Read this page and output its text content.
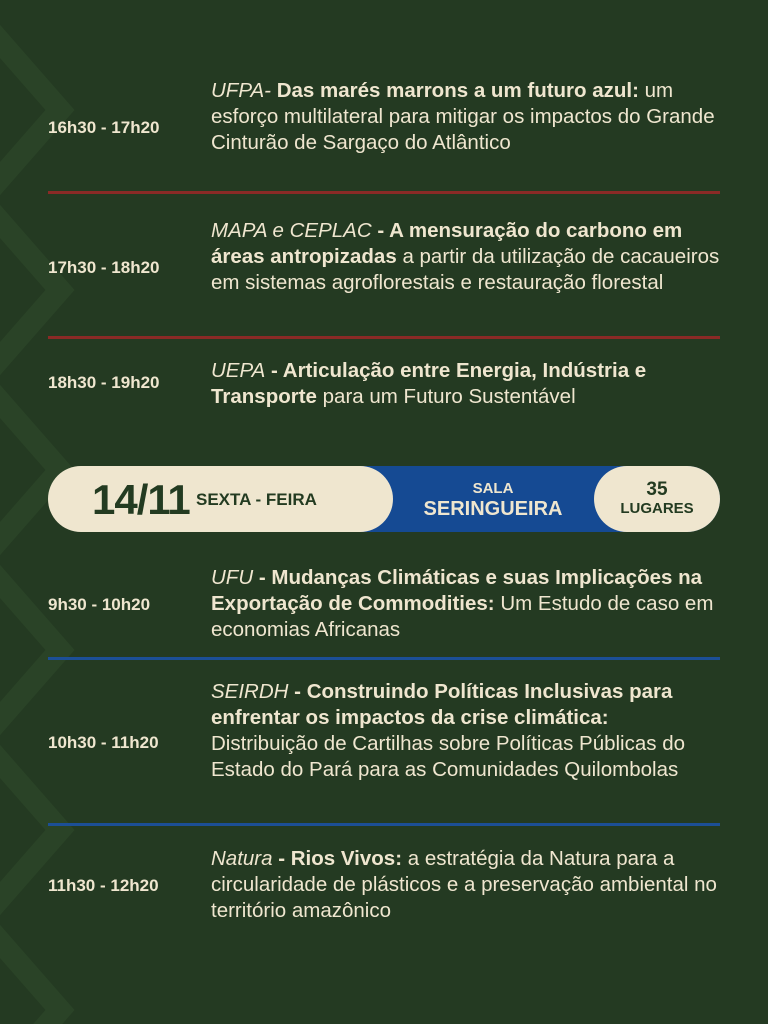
16h30 - 17h20
UFPA- Das marés marrons a um futuro azul: um esforço multilateral para mitigar os impactos do Grande Cinturão de Sargaço do Atlântico
17h30 - 18h20
MAPA e CEPLAC - A mensuração do carbono em áreas antropizadas a partir da utilização de cacaueiros em sistemas agroflorestais e restauração florestal
18h30 - 19h20
UEPA - Articulação entre Energia, Indústria e Transporte para um Futuro Sustentável
14/11 SEXTA - FEIRA
SALA
SERINGUEIRA
35
LUGARES
9h30 - 10h20
UFU - Mudanças Climáticas e suas Implicações na Exportação de Commodities: Um Estudo de caso em economias Africanas
10h30 - 11h20
SEIRDH - Construindo Políticas Inclusivas para enfrentar os impactos da crise climática: Distribuição de Cartilhas sobre Políticas Públicas do Estado do Pará para as Comunidades Quilombolas
11h30 - 12h20
Natura - Rios Vivos: a estratégia da Natura para a circularidade de plásticos e a preservação ambiental no território amazônico
